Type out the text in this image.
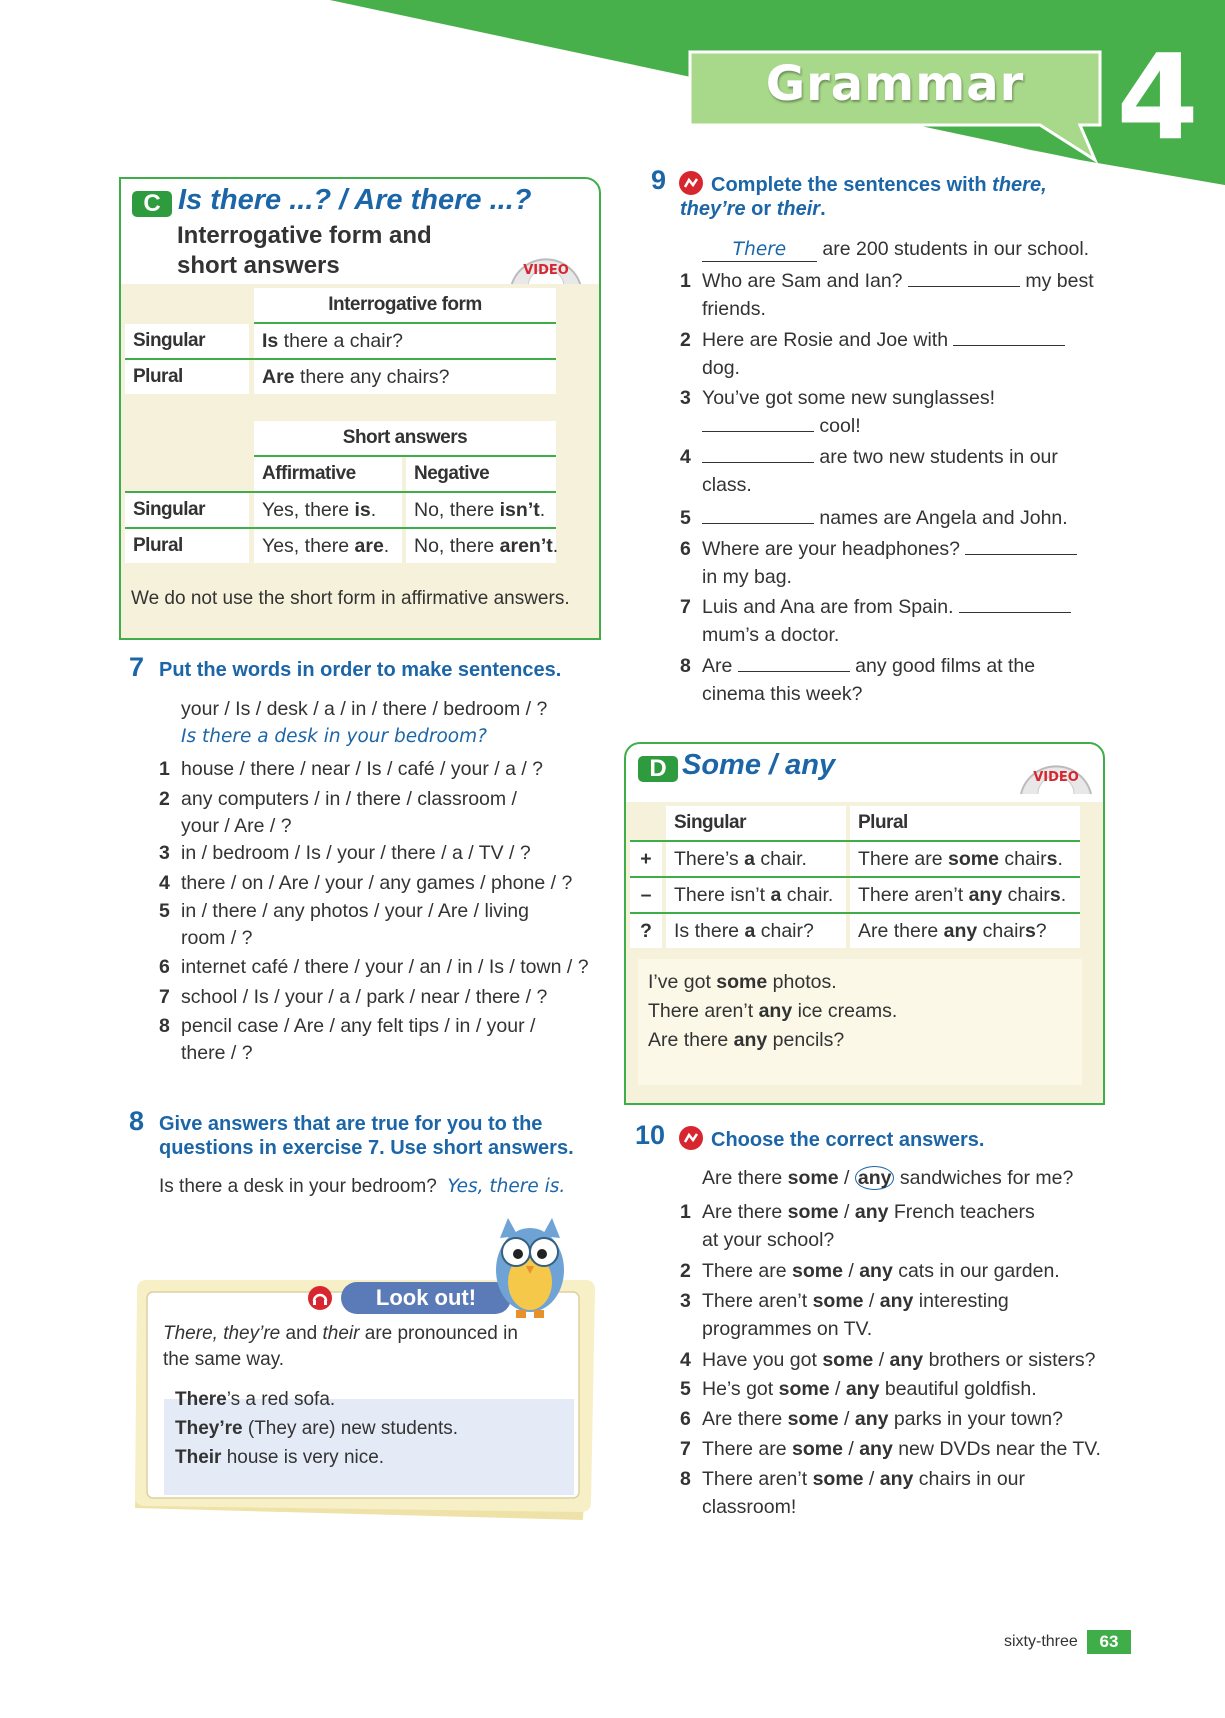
Grammar 4
C Is there ...? / Are there ...?
Interrogative form and
short answers	VIDEO
Interrogative form
Singular	Is there a chair?
Plural	Are there any chairs?
Short answers
Affirmative	Negative
Singular	Yes, there is.	No, there isn’t.
Plural	Yes, there are.	No, there aren’t.
We do not use the short form in affirmative answers.
7 Put the words in order to make sentences.
your / Is / desk / a / in / there / bedroom / ?
Is there a desk in your bedroom?
1 house / there / near / Is / café / your / a / ?
2 any computers / in / there / classroom /
your / Are / ?
3 in / bedroom / Is / your / there / a / TV / ?
4 there / on / Are / your / any games / phone / ?
5 in / there / any photos / your / Are / living
room / ?
6 internet café / there / your / an / in / Is / town / ?
7 school / Is / your / a / park / near / there / ?
8 pencil case / Are / any felt tips / in / your /
there / ?
8 Give answers that are true for you to the
questions in exercise 7. Use short answers.
Is there a desk in your bedroom? Yes, there is.
Look out!
There, they’re and their are pronounced in
the same way.
There’s a red sofa.
They’re (They are) new students.
Their house is very nice.
9 Complete the sentences with there,
they’re or their.
There are 200 students in our school.
1 Who are Sam and Ian?	my best
friends.
2 Here are Rosie and Joe with
dog.
3 You’ve got some new sunglasses!
cool!
4	are two new students in our
class.
5	names are Angela and John.
6 Where are your headphones?
in my bag.
7 Luis and Ana are from Spain.
mum’s a doctor.
8 Are	any good films at the
cinema this week?
D Some / any	VIDEO
Singular	Plural
+	There’s a chair.	There are some chairs.
–	There isn’t a chair.	There aren’t any chairs.
?	Is there a chair?	Are there any chairs?
I’ve got some photos.
There aren’t any ice creams.
Are there any pencils?
10 Choose the correct answers.
Are there some / any sandwiches for me?
1 Are there some / any French teachers
at your school?
2 There are some / any cats in our garden.
3 There aren’t some / any interesting
programmes on TV.
4 Have you got some / any brothers or sisters?
5 He’s got some / any beautiful goldfish.
6 Are there some / any parks in your town?
7 There are some / any new DVDs near the TV.
8 There aren’t some / any chairs in our
classroom!
sixty-three	63
